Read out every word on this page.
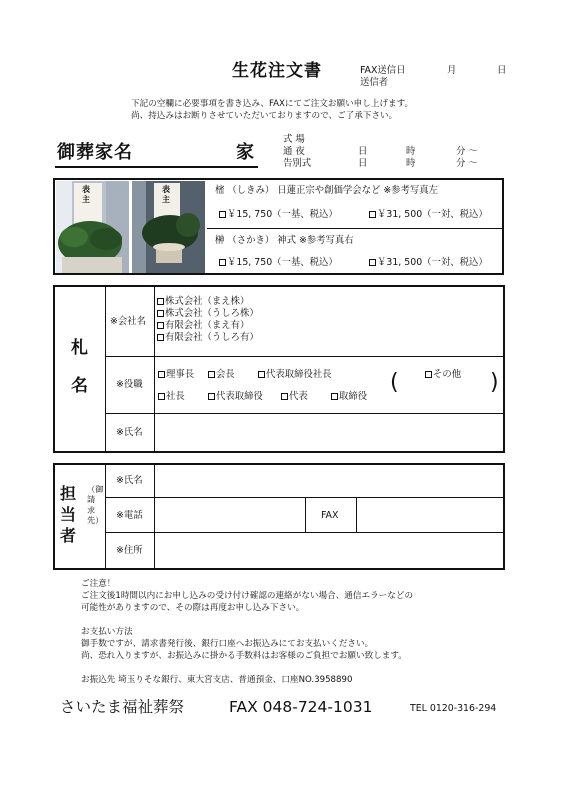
生花注文書	FAX送信日	月	日
送信者
下記の空欄に必要事項を書き込み、FAXにてご注文お願い申し上げます。
尚、持込みはお断りさせていただいておりますので、ご了承下さい。
御葬家名	家
式 場
通 夜	日	時	分 ～
告別式	日	時	分 ～
表 主
表 主
樒 （しきみ） 日蓮正宗や創価学会など ※参考写真左
￥15, 750（一基、税込）	￥31, 500（一対、税込）
榊 （さかき） 神式 ※参考写真右
￥15, 750（一基、税込）	￥31, 500（一対、税込）
札
名
※会社名
株式会社（まえ株）
株式会社（うしろ株）
有限会社（まえ有）
有限会社（うしろ有）
※役職
理事長	会長	代表取締役社長	その他
社長	代表取締役	代表	取締役
(	)
※氏名
担
当
者
（御請求先）
※氏名
※電話	FAX
※住所
ご注意！
ご注文後1時間以内にお申し込みの受け付け確認の連絡がない場合、通信エラーなどの
可能性がありますので、その際は再度お申し込み下さい。
お支払い方法
御手数ですが、請求書発行後、銀行口座へお振込みにてお支払いください。
尚、恐れ入りますが、お振込みに掛かる手数料はお客様のご負担でお願い致します。
お振込先 埼玉りそな銀行、東大宮支店、普通預金、口座NO.3958890
さいたま福祉葬祭	FAX 048-724-1031	TEL 0120-316-294
